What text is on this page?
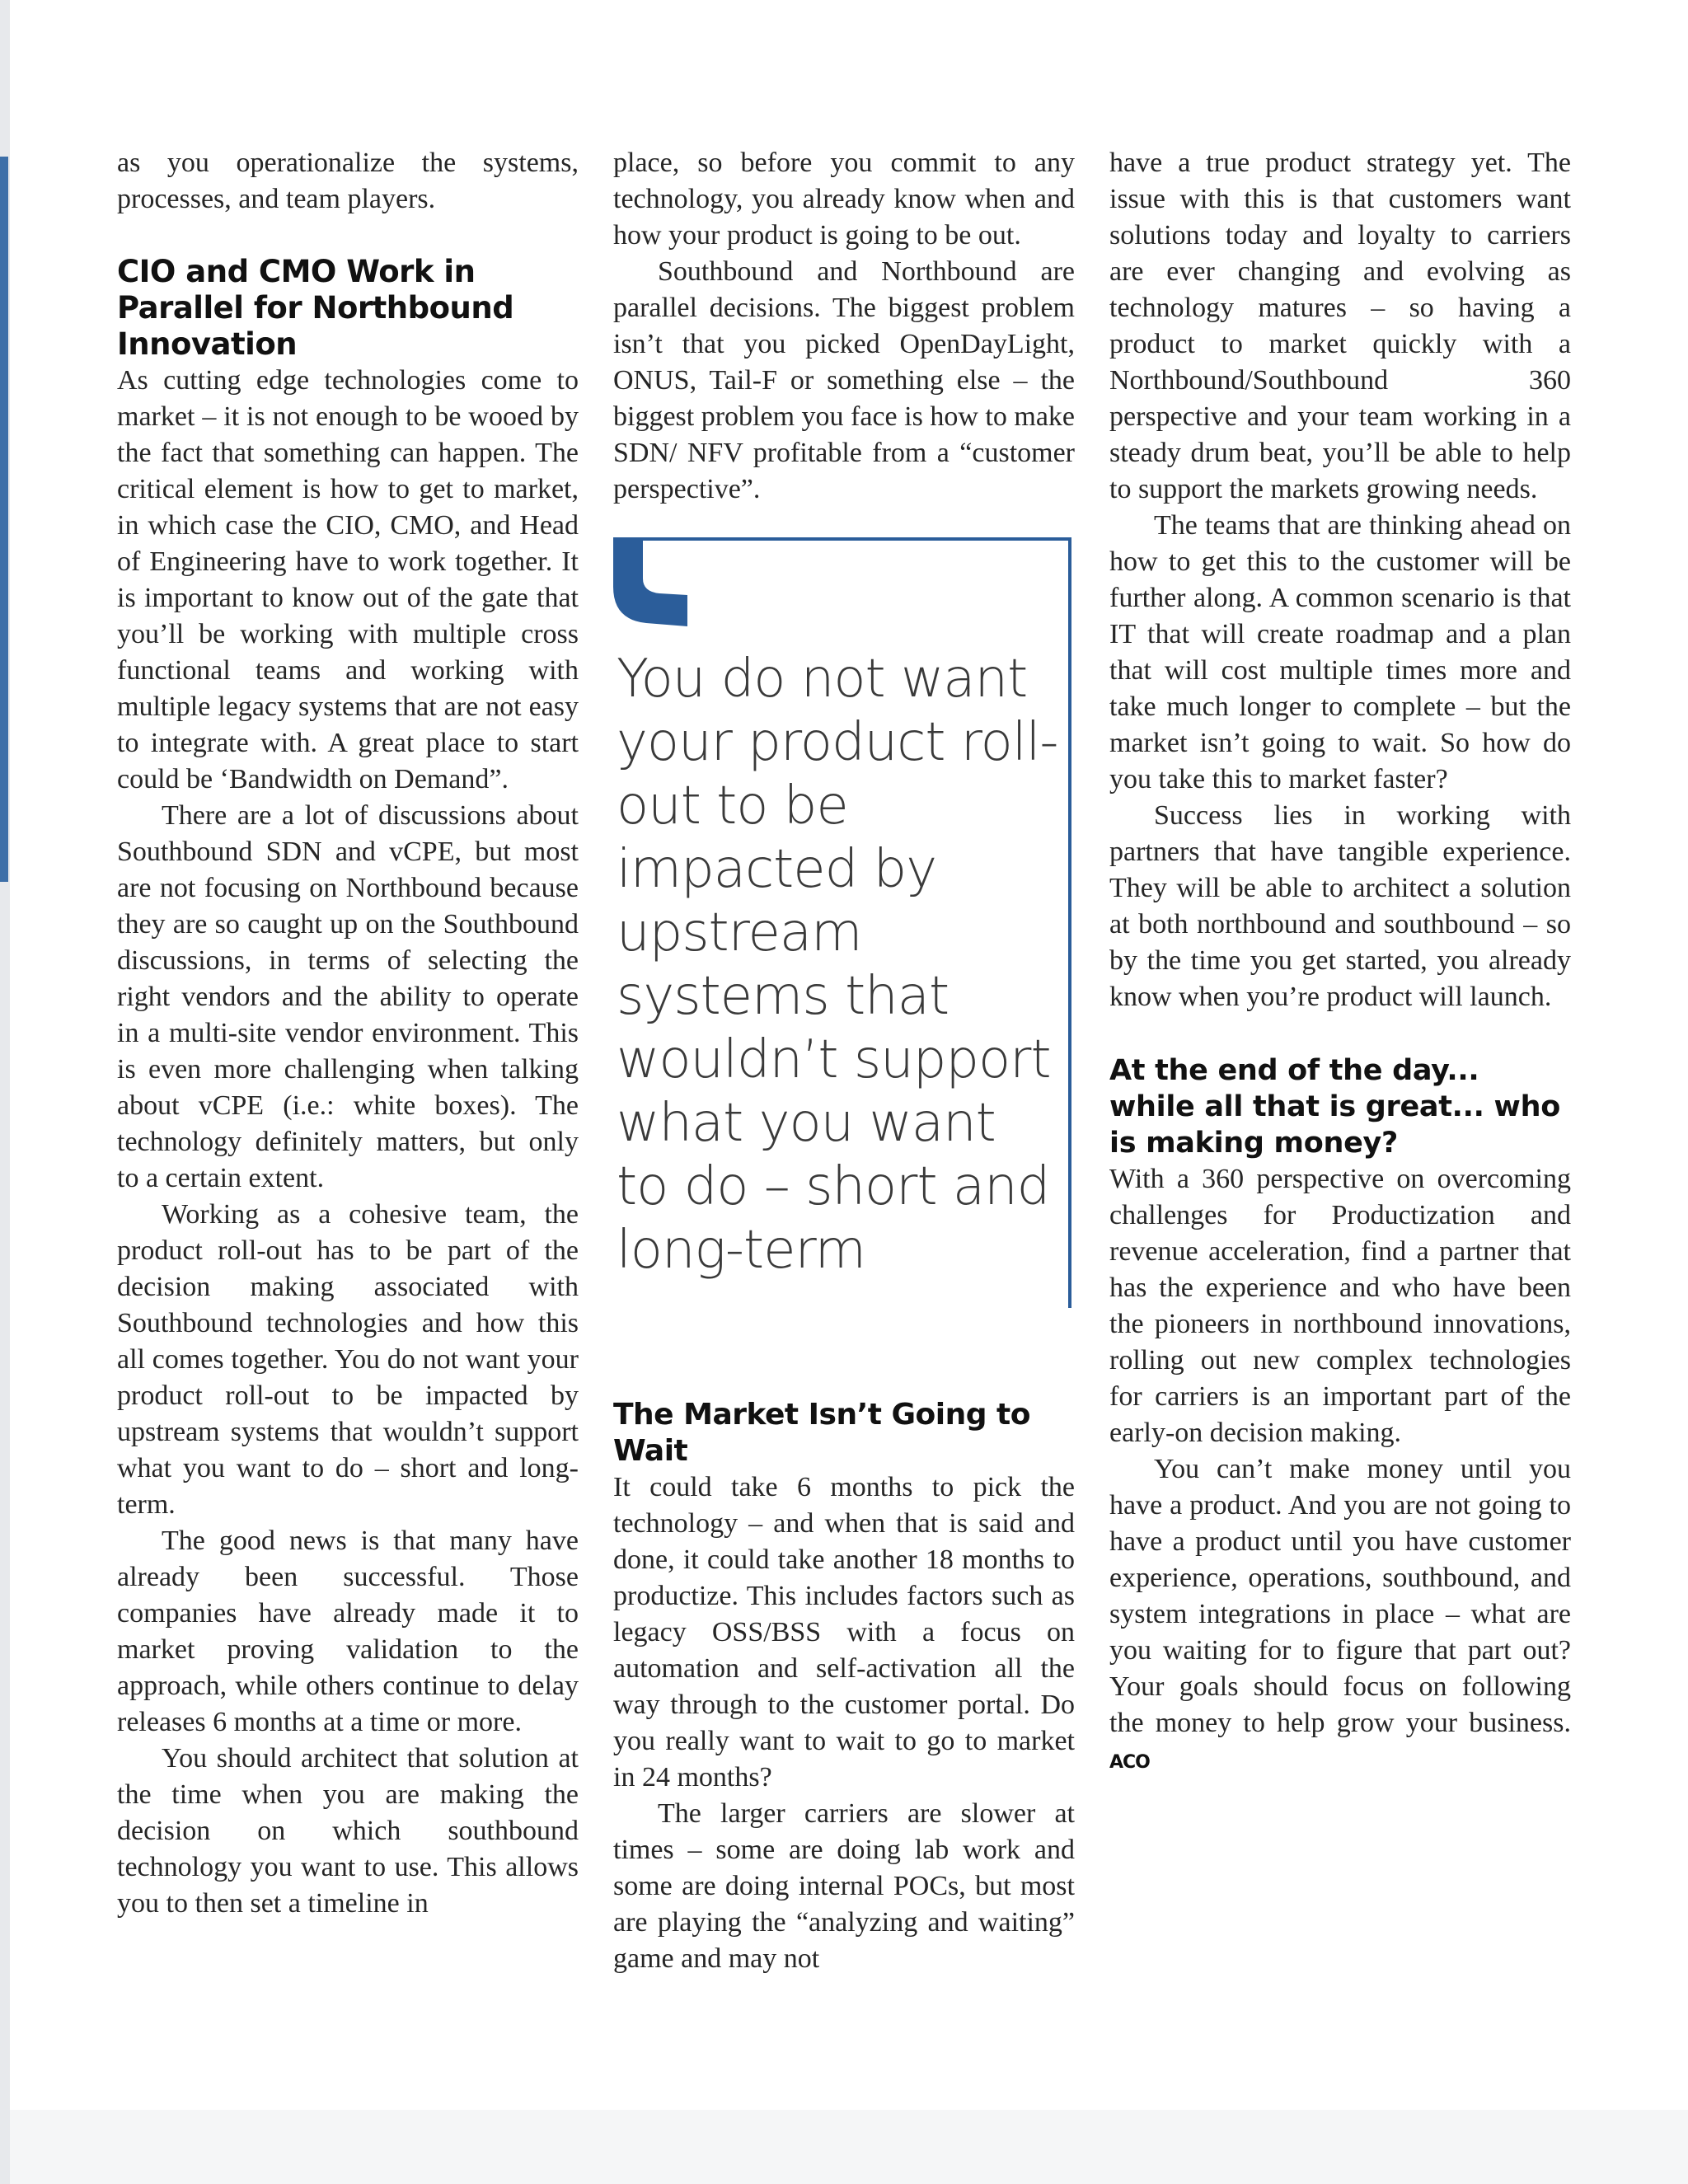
as you operationalize the systems, processes, and team players.

CIO and CMO Work in Parallel for Northbound Innovation

As cutting edge technologies come to market – it is not enough to be wooed by the fact that something can happen. The critical element is how to get to market, in which case the CIO, CMO, and Head of Engineering have to work together. It is important to know out of the gate that you’ll be working with multiple cross functional teams and working with multiple legacy systems that are not easy to integrate with. A great place to start could be ‘Bandwidth on Demand”.

There are a lot of discussions about Southbound SDN and vCPE, but most are not focusing on Northbound because they are so caught up on the Southbound discussions, in terms of selecting the right vendors and the ability to operate in a multi-site vendor environment. This is even more challenging when talking about vCPE (i.e.: white boxes). The technology definitely matters, but only to a certain extent.

Working as a cohesive team, the product roll-out has to be part of the decision making associated with Southbound technologies and how this all comes together. You do not want your product roll-out to be impacted by upstream systems that wouldn’t support what you want to do – short and long-term.

The good news is that many have already been successful. Those companies have already made it to market proving validation to the approach, while others continue to delay releases 6 months at a time or more.

You should architect that solution at the time when you are making the decision on which southbound technology you want to use. This allows you to then set a timeline in

place, so before you commit to any technology, you already know when and how your product is going to be out.

Southbound and Northbound are parallel decisions. The biggest problem isn’t that you picked OpenDayLight, ONUS, Tail-F or something else – the biggest problem you face is how to make SDN/ NFV profitable from a “customer perspective”.

You do not want your product roll-out to be impacted by upstream systems that wouldn’t support what you want to do – short and long-term
The Market Isn’t Going to Wait

It could take 6 months to pick the technology – and when that is said and done, it could take another 18 months to productize. This includes factors such as legacy OSS/BSS with a focus on automation and self-activation all the way through to the customer portal. Do you really want to wait to go to market in 24 months?

The larger carriers are slower at times – some are doing lab work and some are doing internal POCs, but most are playing the “analyzing and waiting” game and may not

have a true product strategy yet. The issue with this is that customers want solutions today and loyalty to carriers are ever changing and evolving as technology matures – so having a product to market quickly with a Northbound/Southbound 360 perspective and your team working in a steady drum beat, you’ll be able to help to support the markets growing needs.

The teams that are thinking ahead on how to get this to the customer will be further along. A common scenario is that IT that will create roadmap and a plan that will cost multiple times more and take much longer to complete – but the market isn’t going to wait. So how do you take this to market faster?

Success lies in working with partners that have tangible experience. They will be able to architect a solution at both northbound and southbound – so by the time you get started, you already know when you’re product will launch.

At the end of the day... while all that is great... who is making money?

With a 360 perspective on overcoming challenges for Productization and revenue acceleration, find a partner that has the experience and who have been the pioneers in northbound innovations, rolling out new complex technologies for carriers is an important part of the early-on decision making.

You can’t make money until you have a product. And you are not going to have a product until you have customer experience, operations, southbound, and system integrations in place – what are you waiting for to figure that part out? Your goals should focus on following the money to help grow your business. ACO
